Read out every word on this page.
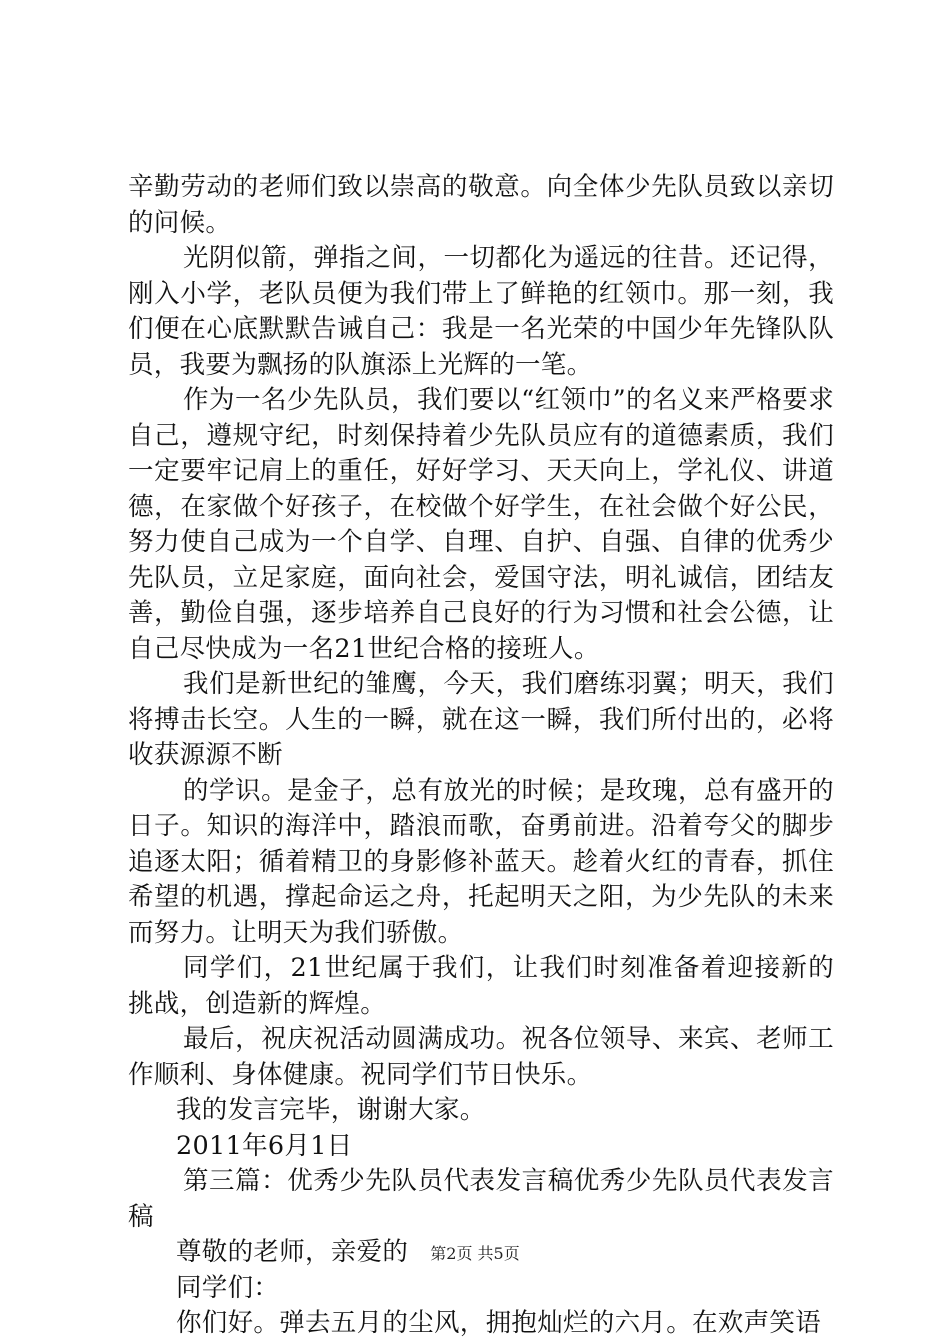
辛勤劳动的老师们致以崇高的敬意。向全体少先队员致以亲切的问候。

光阴似箭，弹指之间，一切都化为遥远的往昔。还记得，刚入小学，老队员便为我们带上了鲜艳的红领巾。那一刻，我们便在心底默默告诫自己：我是一名光荣的中国少年先锋队队员，我要为飘扬的队旗添上光辉的一笔。

作为一名少先队员，我们要以“红领巾”的名义来严格要求自己，遵规守纪，时刻保持着少先队员应有的道德素质，我们一定要牢记肩上的重任，好好学习、天天向上，学礼仪、讲道德，在家做个好孩子，在校做个好学生，在社会做个好公民，努力使自己成为一个自学、自理、自护、自强、自律的优秀少先队员，立足家庭，面向社会，爱国守法，明礼诚信，团结友善，勤俭自强，逐步培养自己良好的行为习惯和社会公德，让自己尽快成为一名21世纪合格的接班人。

我们是新世纪的雏鹰，今天，我们磨练羽翼；明天，我们将搏击长空。人生的一瞬，就在这一瞬，我们所付出的，必将收获源源不断

的学识。是金子，总有放光的时候；是玫瑰，总有盛开的日子。知识的海洋中，踏浪而歌，奋勇前进。沿着夸父的脚步追逐太阳；循着精卫的身影修补蓝天。趁着火红的青春，抓住希望的机遇，撑起命运之舟，托起明天之阳，为少先队的未来而努力。让明天为我们骄傲。

同学们，21世纪属于我们，让我们时刻准备着迎接新的挑战，创造新的辉煌。

最后，祝庆祝活动圆满成功。祝各位领导、来宾、老师工作顺利、身体健康。祝同学们节日快乐。

我的发言完毕，谢谢大家。

2011年6月1日

第三篇：优秀少先队员代表发言稿优秀少先队员代表发言稿

尊敬的老师，亲爱的

同学们：

你们好。弹去五月的尘风，拥抱灿烂的六月。在欢声笑语

第2页 共5页
